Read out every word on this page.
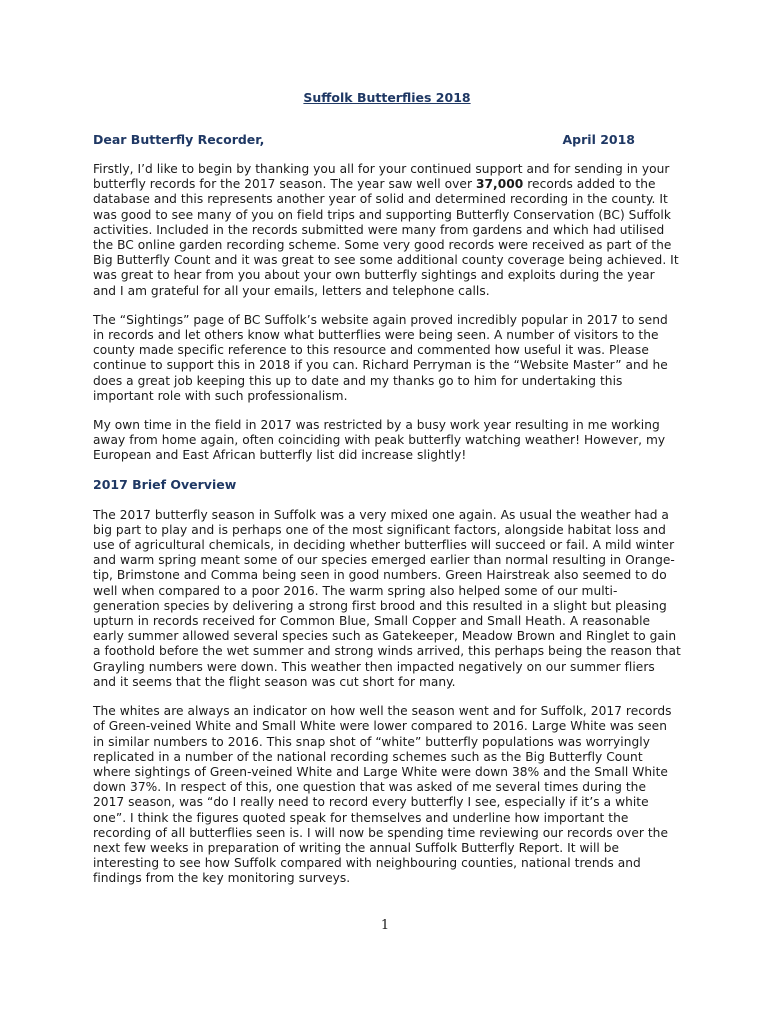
Suffolk Butterflies 2018
Dear Butterfly Recorder,	April 2018

Firstly, I’d like to begin by thanking you all for your continued support and for sending in your butterfly records for the 2017 season. The year saw well over 37,000 records added to the database and this represents another year of solid and determined recording in the county. It was good to see many of you on field trips and supporting Butterfly Conservation (BC) Suffolk activities. Included in the records submitted were many from gardens and which had utilised the BC online garden recording scheme. Some very good records were received as part of the Big Butterfly Count and it was great to see some additional county coverage being achieved. It was great to hear from you about your own butterfly sightings and exploits during the year and I am grateful for all your emails, letters and telephone calls.

The “Sightings” page of BC Suffolk’s website again proved incredibly popular in 2017 to send in records and let others know what butterflies were being seen. A number of visitors to the county made specific reference to this resource and commented how useful it was. Please continue to support this in 2018 if you can. Richard Perryman is the “Website Master” and he does a great job keeping this up to date and my thanks go to him for undertaking this important role with such professionalism.

My own time in the field in 2017 was restricted by a busy work year resulting in me working away from home again, often coinciding with peak butterfly watching weather! However, my European and East African butterfly list did increase slightly!

2017 Brief Overview

The 2017 butterfly season in Suffolk was a very mixed one again. As usual the weather had a big part to play and is perhaps one of the most significant factors, alongside habitat loss and use of agricultural chemicals, in deciding whether butterflies will succeed or fail. A mild winter and warm spring meant some of our species emerged earlier than normal resulting in Orange-tip, Brimstone and Comma being seen in good numbers. Green Hairstreak also seemed to do well when compared to a poor 2016. The warm spring also helped some of our multi-generation species by delivering a strong first brood and this resulted in a slight but pleasing upturn in records received for Common Blue, Small Copper and Small Heath. A reasonable early summer allowed several species such as Gatekeeper, Meadow Brown and Ringlet to gain a foothold before the wet summer and strong winds arrived, this perhaps being the reason that Grayling numbers were down. This weather then impacted negatively on our summer fliers and it seems that the flight season was cut short for many.

The whites are always an indicator on how well the season went and for Suffolk, 2017 records of Green-veined White and Small White were lower compared to 2016. Large White was seen in similar numbers to 2016. This snap shot of “white” butterfly populations was worryingly replicated in a number of the national recording schemes such as the Big Butterfly Count where sightings of Green-veined White and Large White were down 38% and the Small White down 37%. In respect of this, one question that was asked of me several times during the 2017 season, was “do I really need to record every butterfly I see, especially if it’s a white one”. I think the figures quoted speak for themselves and underline how important the recording of all butterflies seen is. I will now be spending time reviewing our records over the next few weeks in preparation of writing the annual Suffolk Butterfly Report. It will be interesting to see how Suffolk compared with neighbouring counties, national trends and findings from the key monitoring surveys.

1
